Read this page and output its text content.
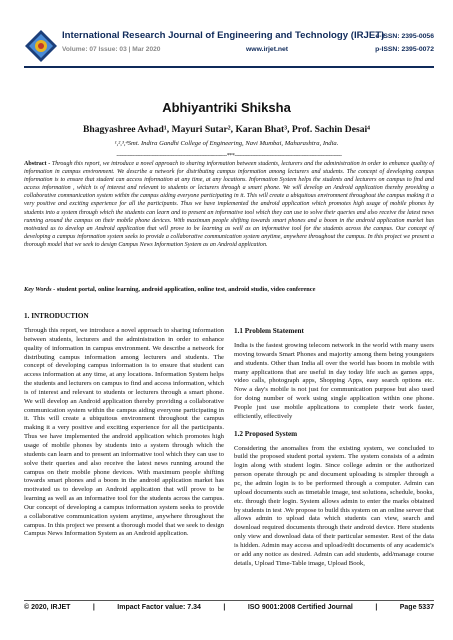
International Research Journal of Engineering and Technology (IRJET)
Volume: 07 Issue: 03 | Mar 2020	www.irjet.net
e-ISSN: 2395-0056
p-ISSN: 2395-0072
Abhiyantriki Shiksha
Bhagyashree Avhad¹, Mayuri Sutar², Karan Bhat³, Prof. Sachin Desai⁴
¹,²,³,⁴Smt. Indira Gandhi College of Engineering, Navi Mumbai, Maharashtra, India.
---------------------------------------------------------------------***-------------------------------------------------------------------
Abstract - Through this report, we introduce a novel approach to sharing information between students, lecturers and the administration in order to enhance quality of information in campus environment. We describe a network for distributing campus information among lecturers and students. The concept of developing campus information is to ensure that student can access information at any time, at any locations. Information System helps the students and lecturers on campus to find and access information , which is of interest and relevant to students or lecturers through a smart phone. We will develop an Android application thereby providing a collaborative communication system within the campus aiding everyone participating in it. This will create a ubiquitous environment throughout the campus making it a very positive and exciting experience for all the participants. Thus we have implemented the android application which promotes high usage of mobile phones by students into a system through which the students can learn and to present an informative tool which they can use to solve their queries and also receive the latest news running around the campus on their mobile phone devices. With maximum people shifting towards smart phones and a boom in the android application market has motivated us to develop an Android application that will prove to be learning as well as an informative tool for the students across the campus. Our concept of developing a campus information system seeks to provide a collaborative communication system anytime, anywhere throughout the campus. In this project we present a thorough model that we seek to design Campus News Information System as an Android application.
Key Words - student portal, online learning, android application, online test, android studio, video conference
1. INTRODUCTION
Through this report, we introduce a novel approach to sharing information between students, lecturers and the administration in order to enhance quality of information in campus environment. We describe a network for distributing campus information among lecturers and students. The concept of developing campus information is to ensure that student can access information at any time, at any locations. Information System helps the students and lecturers on campus to find and access information, which is of interest and relevant to students or lecturers through a smart phone. We will develop an Android application thereby providing a collaborative communication system within the campus aiding everyone participating in it. This will create a ubiquitous environment throughout the campus making it a very positive and exciting experience for all the participants. Thus we have implemented the android application which promotes high usage of mobile phones by students into a system through which the students can learn and to present an informative tool which they can use to solve their queries and also receive the latest news running around the campus on their mobile phone devices. With maximum people shifting towards smart phones and a boom in the android application market has motivated us to develop an Android application that will prove to be learning as well as an informative tool for the students across the campus. Our concept of developing a campus information system seeks to provide a collaborative communication system anytime, anywhere throughout the campus. In this project we present a thorough model that we seek to design Campus News Information System as an Android application.
1.1 Problem Statement
India is the fastest growing telecom network in the world with many users moving towards Smart Phones and majority among them being youngsters and students. Other than India all over the world has boom in mobile with many applications that are useful in day today life such as games apps, video calls, photograph apps, Shopping Apps, easy search options etc. Now a day's mobile is not just for communication purpose but also used for doing number of work using single application within one phone. People just use mobile applications to complete their work faster, efficiently, effectively
1.2 Proposed System
Considering the anomalies from the existing system, we concluded to build the proposed student portal system. The system consists of a admin login along with student login. Since college admin or the authorized person operate through pc and document uploading is simpler through a pc, the admin login is to be performed through a computer. Admin can upload documents such as timetable image, test solutions, schedule, books, etc. through their login. System allows admin to enter the marks obtained by students in test .We propose to build this system on an online server that allows admin to upload data which students can view, search and download required documents through their android device. Here students only view and download data of their particular semester. Rest of the data is hidden. Admin may access and upload/edit documents of any academic's or add any notice as desired. Admin can add students, add/manage course details, Upload Time-Table image, Upload Book,
© 2020, IRJET	|	Impact Factor value: 7.34	|	ISO 9001:2008 Certified Journal	|	Page 5337
